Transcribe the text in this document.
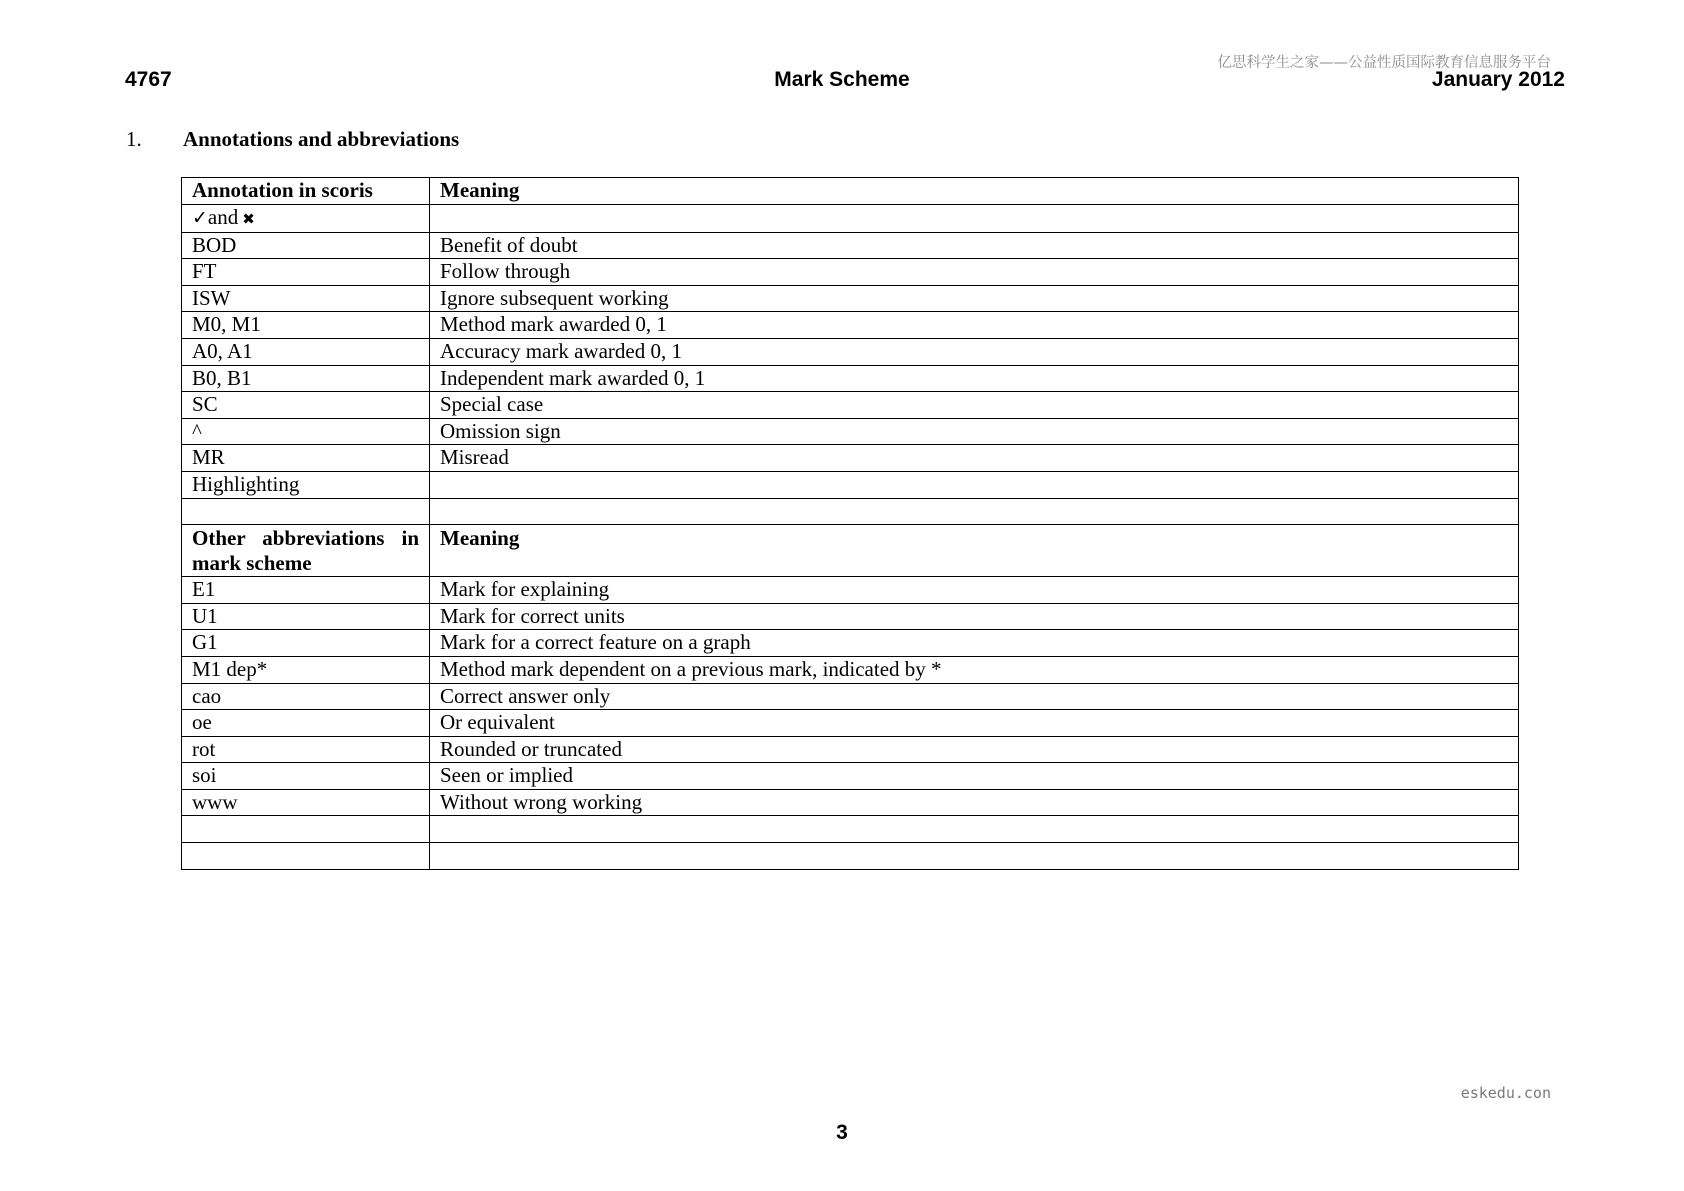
4767	Mark Scheme
亿思科学生之家——公益性质国际教育信息服务平台
January 2012
1. Annotations and abbreviations
Annotation in scoris	Meaning
✓and ✖	
BOD	Benefit of doubt
FT	Follow through
ISW	Ignore subsequent working
M0, M1	Method mark awarded 0, 1
A0, A1	Accuracy mark awarded 0, 1
B0, B1	Independent mark awarded 0, 1
SC	Special case
^	Omission sign
MR	Misread
Highlighting	

Other abbreviations in
mark scheme	Meaning
E1	Mark for explaining
U1	Mark for correct units
G1	Mark for a correct feature on a graph
M1 dep*	Method mark dependent on a previous mark, indicated by *
cao	Correct answer only
oe	Or equivalent
rot	Rounded or truncated
soi	Seen or implied
www	Without wrong working

eskedu.con
3
